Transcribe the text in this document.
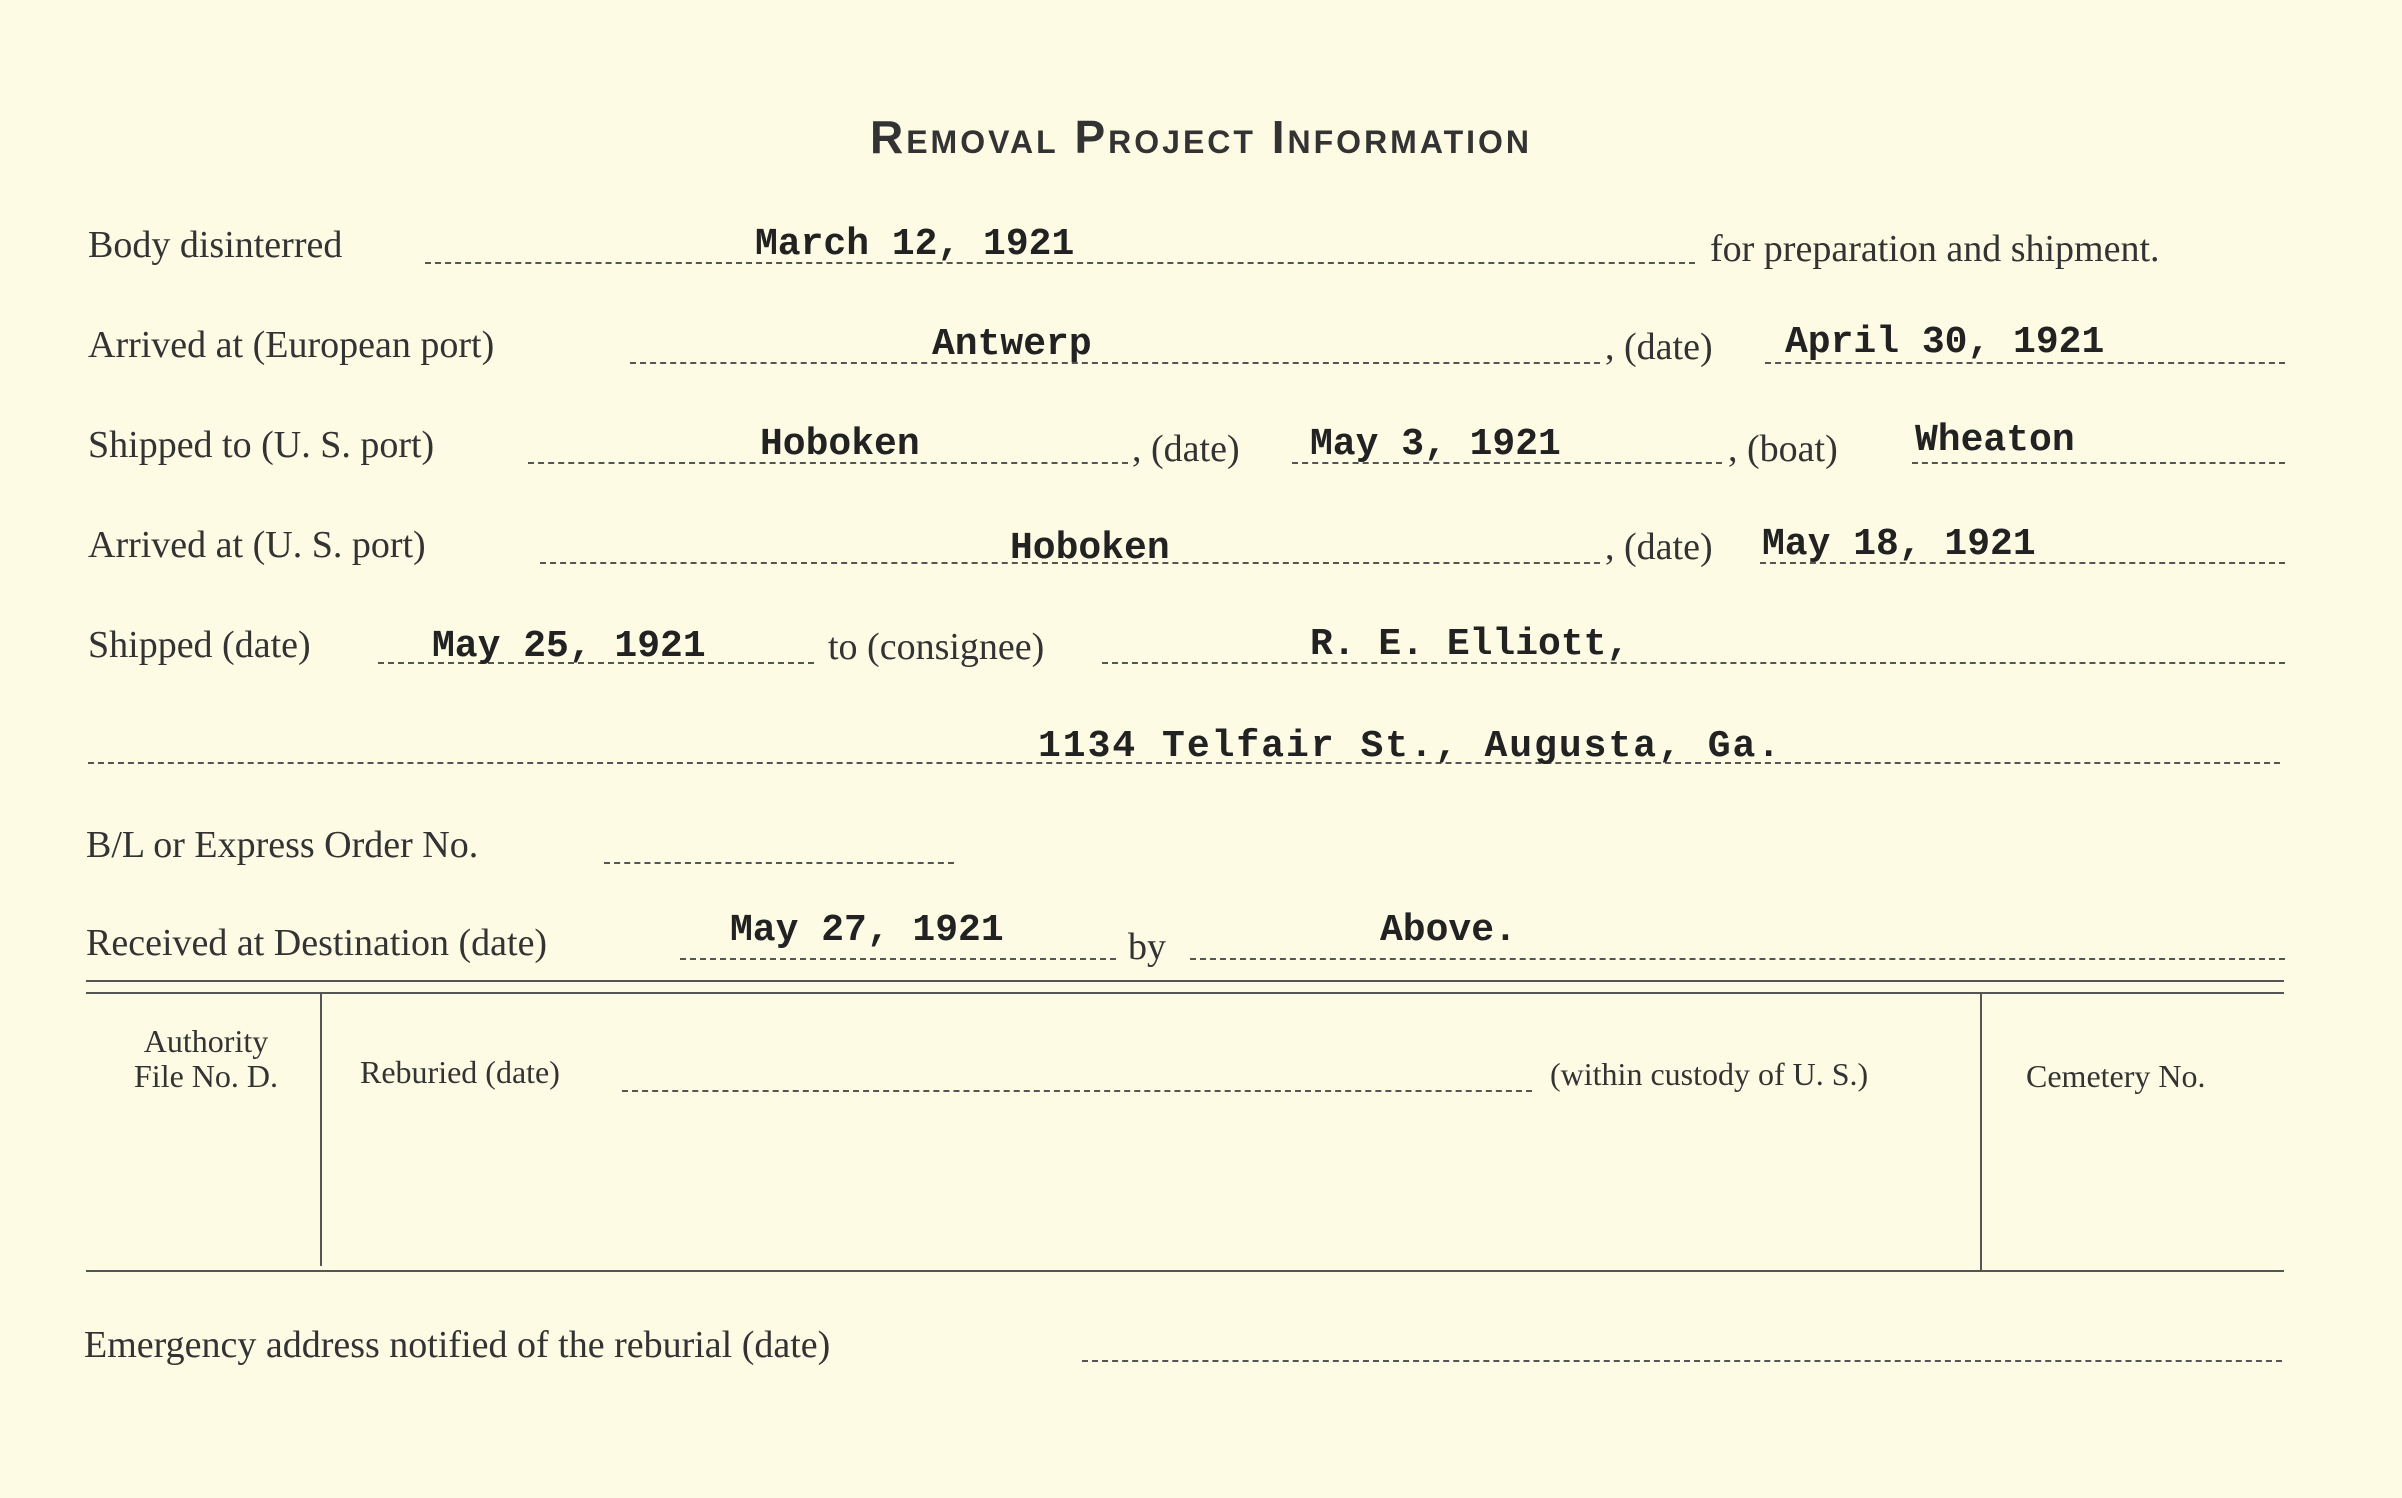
Removal Project Information
Body disinterred	March 12, 1921	for preparation and shipment.
Arrived at (European port)	Antwerp	, (date) April 30, 1921
Shipped to (U. S. port)	Hoboken	, (date) May 3, 1921	, (boat) Wheaton
Arrived at (U. S. port)	Hoboken	, (date) May 18, 1921
Shipped (date)	May 25, 1921	to (consignee)	R. E. Elliott,
1134 Telfair St., Augusta, Ga.
B/L or Express Order No.
Received at Destination (date)	May 27, 1921	by	Above.
Authority
File No. D.	Reburied (date)	(within custody of U. S.)	Cemetery No.
Emergency address notified of the reburial (date)
